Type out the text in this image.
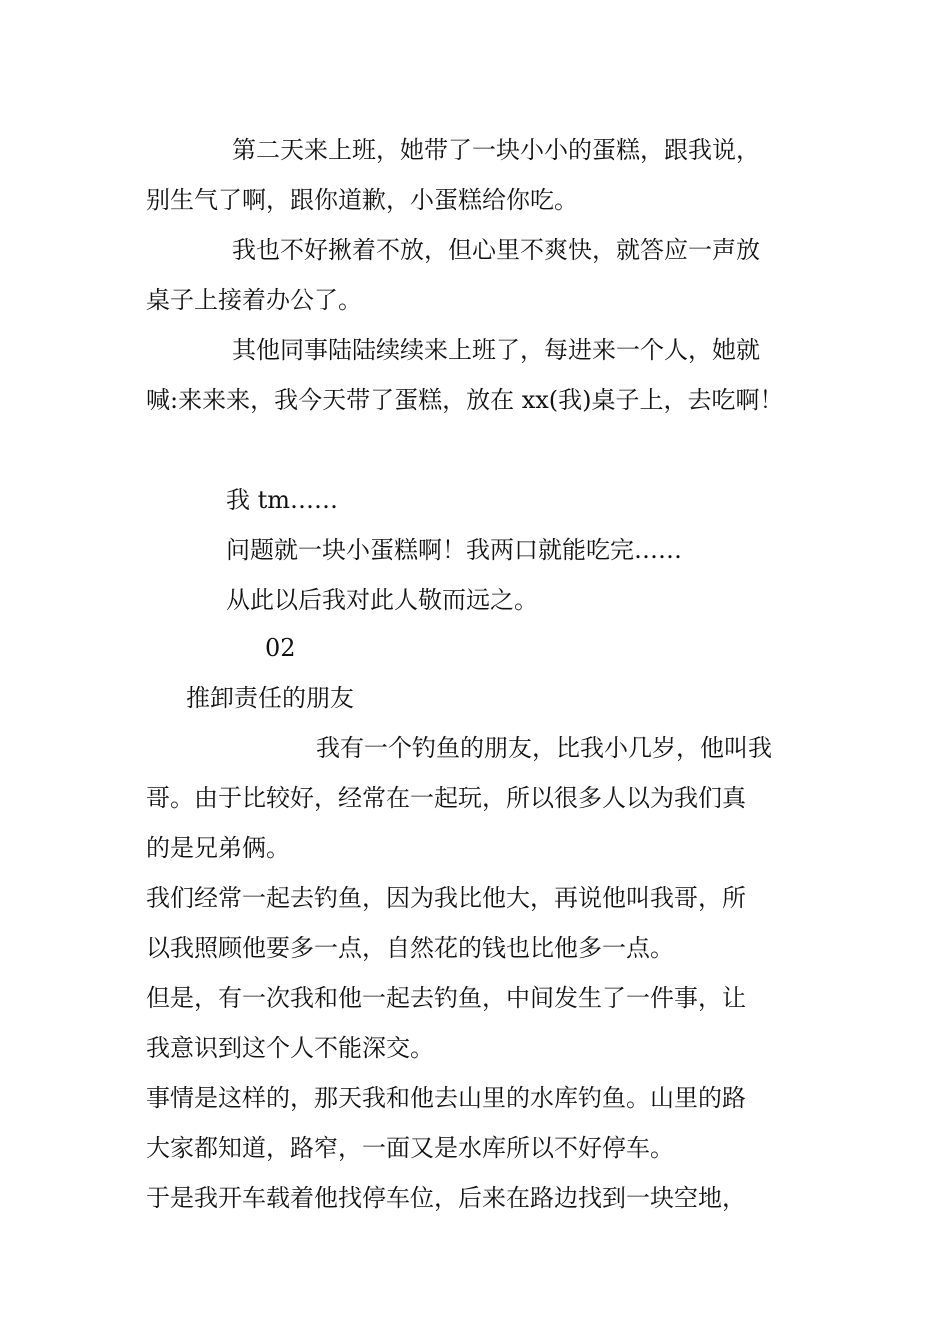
第二天来上班，她带了一块小小的蛋糕，跟我说，
别生气了啊，跟你道歉，小蛋糕给你吃。
我也不好揪着不放，但心里不爽快，就答应一声放
桌子上接着办公了。
其他同事陆陆续续来上班了，每进来一个人，她就
喊:来来来，我今天带了蛋糕，放在 xx(我)桌子上，去吃啊！
我 tm……
问题就一块小蛋糕啊！我两口就能吃完……
从此以后我对此人敬而远之。
02
推卸责任的朋友
我有一个钓鱼的朋友，比我小几岁，他叫我
哥。由于比较好，经常在一起玩，所以很多人以为我们真
的是兄弟俩。
我们经常一起去钓鱼，因为我比他大，再说他叫我哥，所
以我照顾他要多一点，自然花的钱也比他多一点。
但是，有一次我和他一起去钓鱼，中间发生了一件事，让
我意识到这个人不能深交。
事情是这样的，那天我和他去山里的水库钓鱼。山里的路
大家都知道，路窄，一面又是水库所以不好停车。
于是我开车载着他找停车位，后来在路边找到一块空地，
